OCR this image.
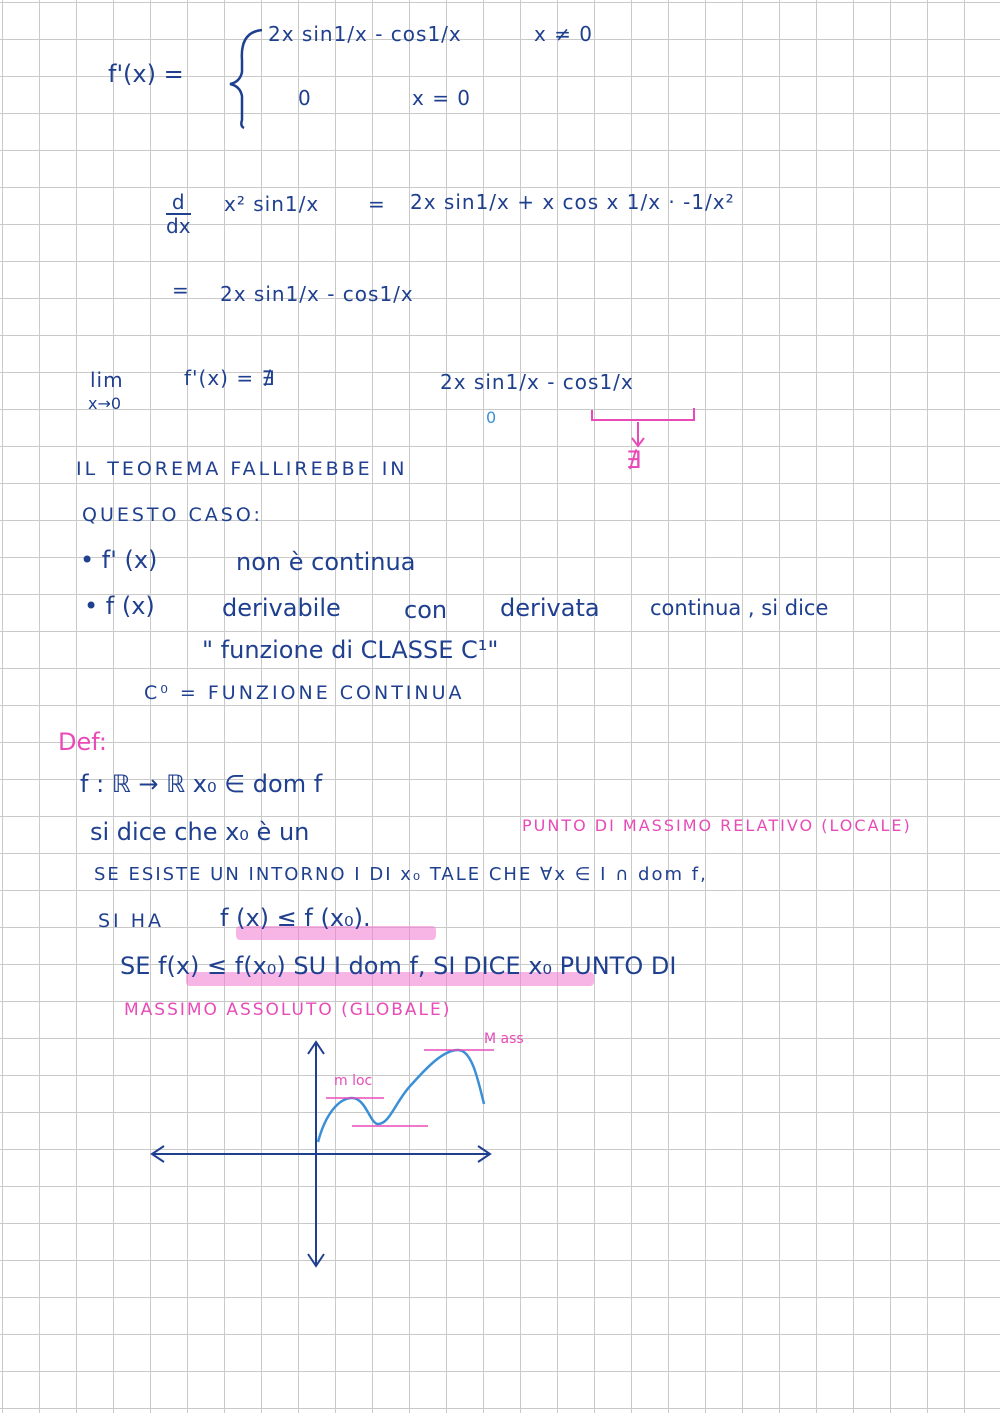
f'(x) =
2x sin1/x - cos1/x	x ≠ 0
0	x = 0
d
dx
x² sin1/x = 2x sin1/x + x cos x 1/x · -1/x²
= 2x sin1/x - cos1/x
lim
x→0
f'(x) = ∄	2x sin1/x - cos1/x
0
∄
IL TEOREMA FALLIREBBE IN
QUESTO CASO:
• f' (x)	non è continua
• f (x)	derivabile	con derivata continua , si dice
" funzione di CLASSE C¹"
C⁰ = FUNZIONE CONTINUA
Def:
f : ℝ → ℝ x₀ ∈ dom f
si dice che x₀ è un	PUNTO DI MASSIMO RELATIVO (LOCALE)
SE ESISTE UN INTORNO I DI x₀ TALE CHE ∀x ∈ I ∩ dom f,
SI HA f (x) ≤ f (x₀).
SE f(x) ≤ f(x₀) SU I dom f, SI DICE x₀ PUNTO DI
MASSIMO ASSOLUTO (GLOBALE)
m loc
M ass
